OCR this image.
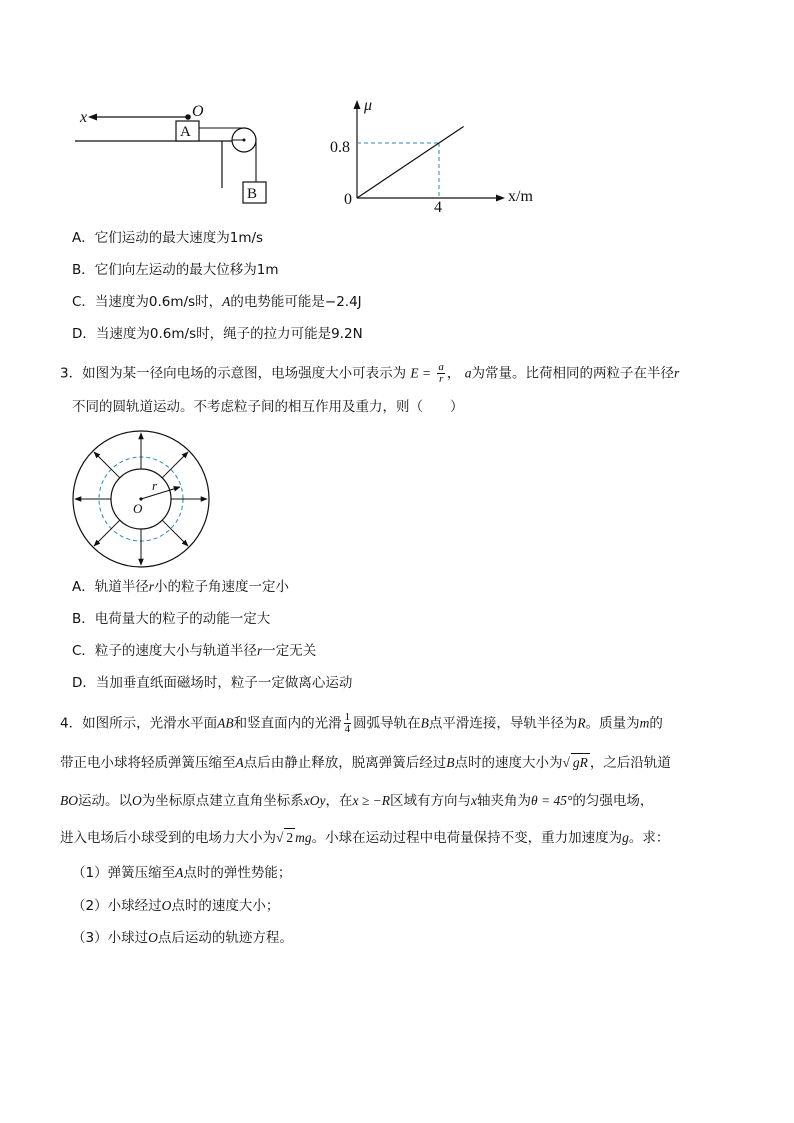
x	O
A
B
μ
x/m
0
0.8
4
A．它们运动的最大速度为1m/s
B．它们向左运动的最大位移为1m
C．当速度为0.6m/s时，A的电势能可能是−2.4J
D．当速度为0.6m/s时，绳子的拉力可能是9.2N
3．如图为某一径向电场的示意图，电场强度大小可表示为 $E = \frac{a}{r}$ ， a为常量。比荷相同的两粒子在半径r
不同的圆轨道运动。不考虑粒子间的相互作用及重力，则（　　）
r
O
A．轨道半径r小的粒子角速度一定小
B．电荷量大的粒子的动能一定大
C．粒子的速度大小与轨道半径r一定无关
D．当加垂直纸面磁场时，粒子一定做离心运动
4．如图所示，光滑水平面AB和竖直面内的光滑 $\frac{1}{4}$ 圆弧导轨在B点平滑连接，导轨半径为R。质量为m的
带正电小球将轻质弹簧压缩至A点后由静止释放，脱离弹簧后经过B点时的速度大小为√ gR ，之后沿轨道
BO运动。以O为坐标原点建立直角坐标系xOy，在x ≥ −R区域有方向与x轴夹角为θ = 45°的匀强电场，
进入电场后小球受到的电场力大小为√ 2 mg。小球在运动过程中电荷量保持不变，重力加速度为g。求：
（1）弹簧压缩至A点时的弹性势能；
（2）小球经过O点时的速度大小；
（3）小球过O点后运动的轨迹方程。
